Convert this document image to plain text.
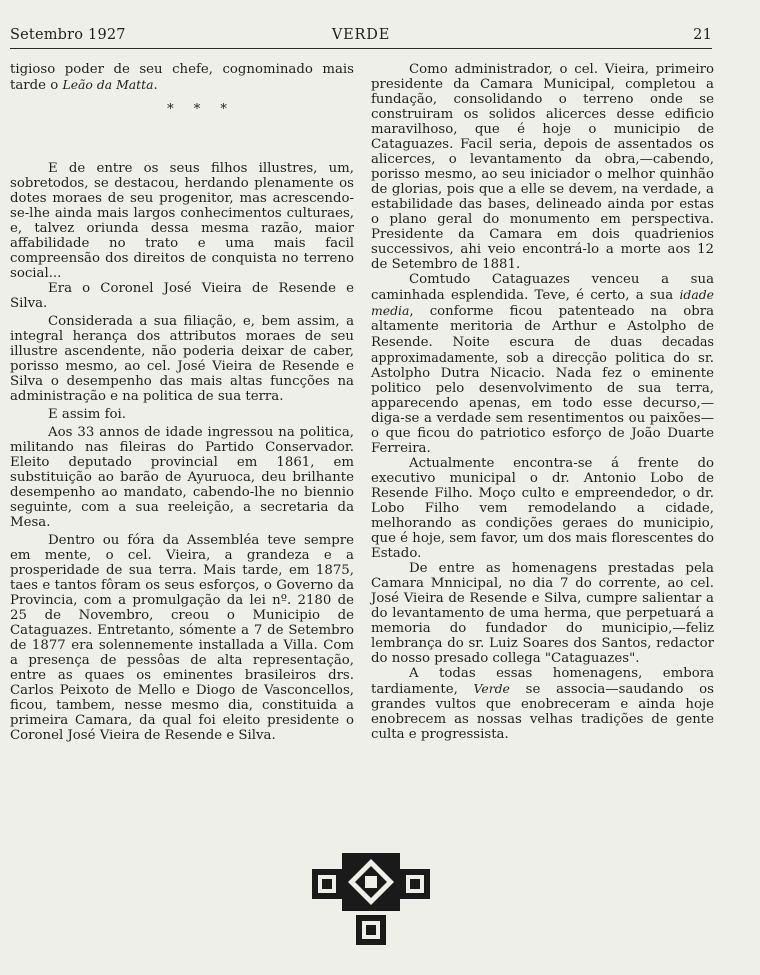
Setembro 1927	VERDE	21

tigioso poder de seu chefe, cognominado mais tarde o Leão da Matta.

* * *

E de entre os seus filhos illustres, um, sobretodos, se destacou, herdando plenamente os dotes moraes de seu progenitor, mas acrescendo-se-lhe ainda mais largos conhecimentos culturaes, e, talvez oriunda dessa mesma razão, maior affabilidade no trato e uma mais facil compreensão dos direitos de conquista no terreno social...

Era o Coronel José Vieira de Resende e Silva.

Considerada a sua filiação, e, bem assim, a integral herança dos attributos moraes de seu illustre ascendente, não poderia deixar de caber, porisso mesmo, ao cel. José Vieira de Resende e Silva o desempenho das mais altas funcções na administração e na politica de sua terra.

E assim foi.

Aos 33 annos de idade ingressou na politica, militando nas fileiras do Partido Conservador. Eleito deputado provincial em 1861, em substituição ao barão de Ayuruoca, deu brilhante desempenho ao mandato, cabendo-lhe no biennio seguinte, com a sua reeleição, a secretaria da Mesa.

Dentro ou fóra da Assembléa teve sempre em mente, o cel. Vieira, a grandeza e a prosperidade de sua terra. Mais tarde, em 1875, taes e tantos fôram os seus esforços, o Governo da Provincia, com a promulgação da lei nº. 2180 de 25 de Novembro, creou o Municipio de Cataguazes. Entretanto, sómente a 7 de Setembro de 1877 era solennemente installada a Villa. Com a presença de pessôas de alta representação, entre as quaes os eminentes brasileiros drs. Carlos Peixoto de Mello e Diogo de Vasconcellos, ficou, tambem, nesse mesmo dia, constituida a primeira Camara, da qual foi eleito presidente o Coronel José Vieira de Resende e Silva.

Como administrador, o cel. Vieira, primeiro presidente da Camara Municipal, completou a fundação, consolidando o terreno onde se construiram os solidos alicerces desse edificio maravilhoso, que é hoje o municipio de Cataguazes. Facil seria, depois de assentados os alicerces, o levantamento da obra,—cabendo, porisso mesmo, ao seu iniciador o melhor quinhão de glorias, pois que a elle se devem, na verdade, a estabilidade das bases, delineado ainda por estas o plano geral do monumento em perspectiva. Presidente da Camara em dois quadrienios successivos, ahi veio encontrá-lo a morte aos 12 de Setembro de 1881.

Comtudo Cataguazes venceu a sua caminhada esplendida. Teve, é certo, a sua idade media, conforme ficou patenteado na obra altamente meritoria de Arthur e Astolpho de Resende. Noite escura de duas decadas approximadamente, sob a direcção politica do sr. Astolpho Dutra Nicacio. Nada fez o eminente politico pelo desenvolvimento de sua terra, apparecendo apenas, em todo esse decurso,—diga-se a verdade sem resentimentos ou paixões—o que ficou do patriotico esforço de João Duarte Ferreira.

Actualmente encontra-se á frente do executivo municipal o dr. Antonio Lobo de Resende Filho. Moço culto e empreendedor, o dr. Lobo Filho vem remodelando a cidade, melhorando as condições geraes do municipio, que é hoje, sem favor, um dos mais florescentes do Estado.

De entre as homenagens prestadas pela Camara Mnnicipal, no dia 7 do corrente, ao cel. José Vieira de Resende e Silva, cumpre salientar a do levantamento de uma herma, que perpetuará a memoria do fundador do municipio,—feliz lembrança do sr. Luiz Soares dos Santos, redactor do nosso presado collega "Cataguazes".

A todas essas homenagens, embora tardiamente, Verde se associa—saudando os grandes vultos que enobreceram e ainda hoje enobrecem as nossas velhas tradições de gente culta e progressista.
